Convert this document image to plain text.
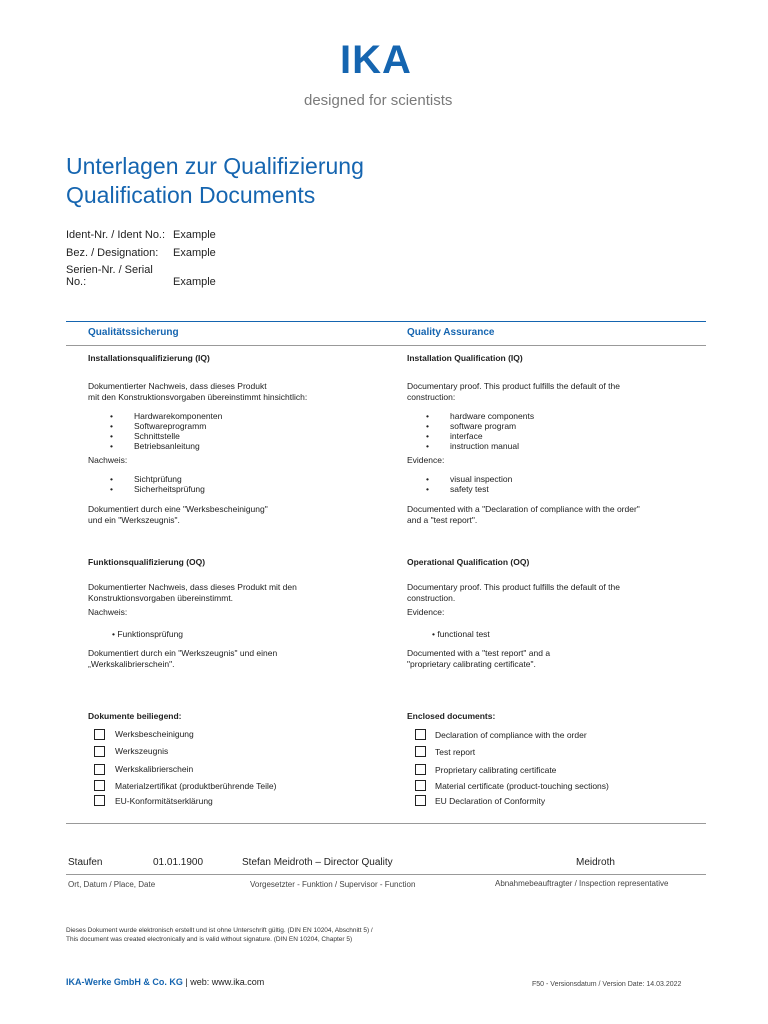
IKA
designed for scientists
Unterlagen zur Qualifizierung
Qualification Documents
Ident-Nr. / Ident No.: Example
Bez. / Designation: Example
Serien-Nr. / Serial No.:	Example
Qualitätssicherung	Quality Assurance
Installationsqualifizierung (IQ)
Dokumentierter Nachweis, dass dieses Produkt
mit den Konstruktionsvorgaben übereinstimmt hinsichtlich:
• Hardwarekomponenten
• Softwareprogramm
• Schnittstelle
• Betriebsanleitung
Nachweis:
• Sichtprüfung
• Sicherheitsprüfung
Dokumentiert durch eine "Werksbescheinigung"
und ein "Werkszeugnis".
Funktionsqualifizierung (OQ)
Dokumentierter Nachweis, dass dieses Produkt mit den
Konstruktionsvorgaben übereinstimmt.
Nachweis:
• Funktionsprüfung
Dokumentiert durch ein "Werkszeugnis" und einen
„Werkskalibrierschein".
Dokumente beiliegend:
Werksbescheinigung
Werkszeugnis
Werkskalibrierschein
Materialzertifikat (produktberührende Teile)
EU-Konformitätserklärung
Installation Qualification (IQ)
Documentary proof. This product fulfills the default of the
construction:
• hardware components
• software program
• interface
• instruction manual
Evidence:
• visual inspection
• safety test
Documented with a "Declaration of compliance with the order"
and a "test report".
Operational Qualification (OQ)
Documentary proof. This product fulfills the default of the
construction.
Evidence:
• functional test
Documented with a "test report" and a
"proprietary calibrating certificate".
Enclosed documents:
Declaration of compliance with the order
Test report
Proprietary calibrating certificate
Material certificate (product-touching sections)
EU Declaration of Conformity
Staufen	01.01.1900	Stefan Meidroth – Director Quality	Meidroth
Ort, Datum / Place, Date	Vorgesetzter - Funktion / Supervisor - Function	Abnahmebeauftragter / Inspection representative
Dieses Dokument wurde elektronisch erstellt und ist ohne Unterschrift gültig. (DIN EN 10204, Abschnitt 5) /
This document was created electronically and is valid without signature. (DIN EN 10204, Chapter 5)
IKA-Werke GmbH & Co. KG | web: www.ika.com	F50 - Versionsdatum / Version Date: 14.03.2022
